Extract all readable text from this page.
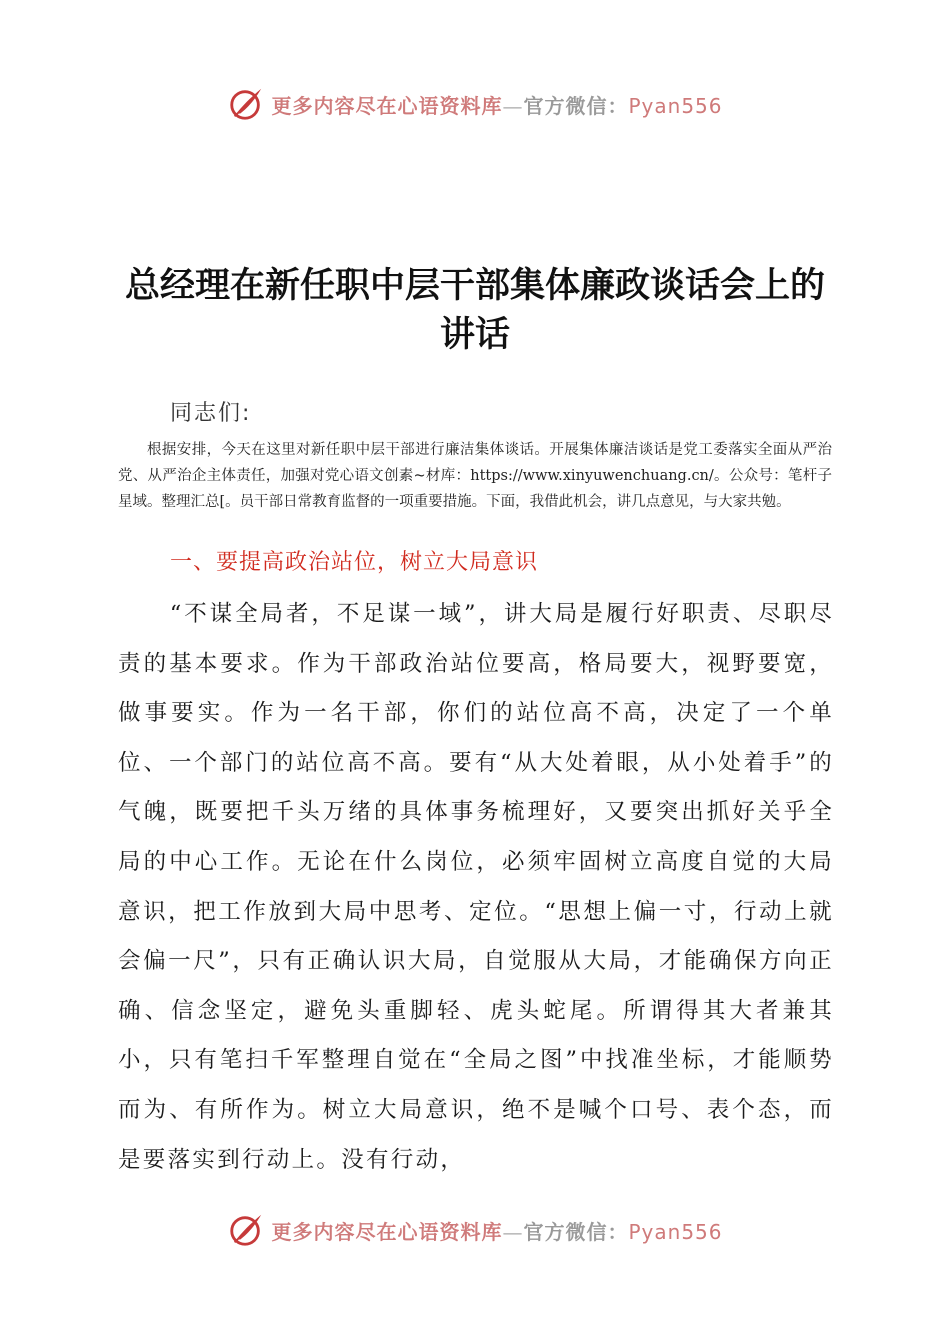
更多内容尽在心语资料库—官方微信：Pyan556
总经理在新任职中层干部集体廉政谈话会上的
讲话
同志们:
根据安排，今天在这里对新任职中层干部进行廉洁集体谈话。开展集体廉洁谈话是党工委落实全面从严治党、从严治企主体责任，加强对党心语文创素~材库：https://www.xinyuwenchuang.cn/。公众号：笔杆子星域。整理汇总[。员干部日常教育监督的一项重要措施。下面，我借此机会，讲几点意见，与大家共勉。
一、要提高政治站位，树立大局意识
“不谋全局者，不足谋一域”，讲大局是履行好职责、尽职尽责的基本要求。作为干部政治站位要高，格局要大，视野要宽，做事要实。作为一名干部，你们的站位高不高，决定了一个单位、一个部门的站位高不高。要有“从大处着眼，从小处着手”的气魄，既要把千头万绪的具体事务梳理好，又要突出抓好关乎全局的中心工作。无论在什么岗位，必须牢固树立高度自觉的大局意识，把工作放到大局中思考、定位。“思想上偏一寸，行动上就会偏一尺”，只有正确认识大局，自觉服从大局，才能确保方向正确、信念坚定，避免头重脚轻、虎头蛇尾。所谓得其大者兼其小，只有笔扫千军整理自觉在“全局之图”中找准坐标，才能顺势而为、有所作为。树立大局意识，绝不是喊个口号、表个态，而是要落实到行动上。没有行动，
更多内容尽在心语资料库—官方微信：Pyan556
